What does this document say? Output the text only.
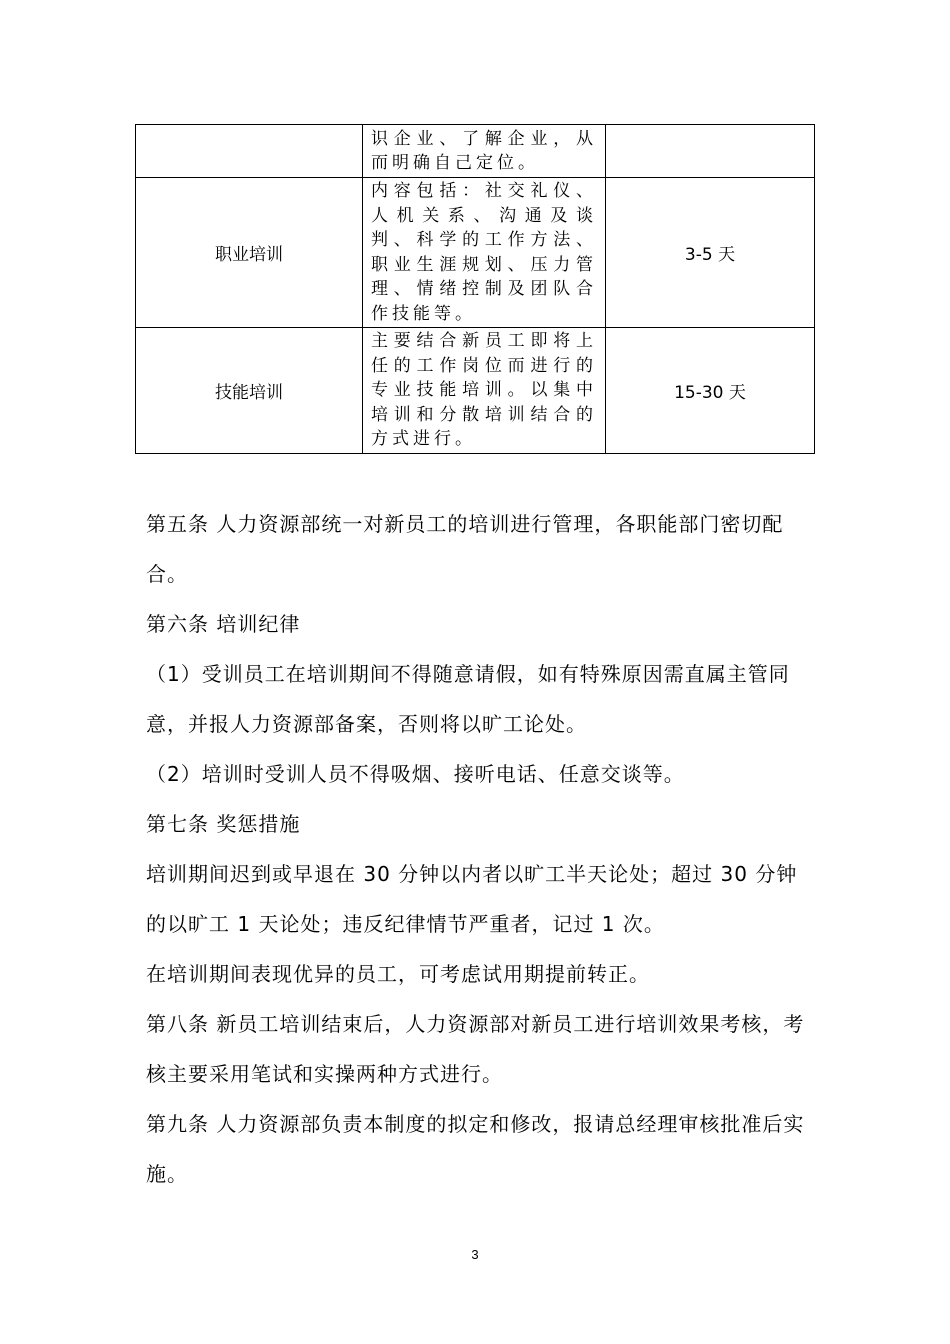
	识企业、了解企业，从而明确自己定位。	

职业培训	内容包括：社交礼仪、人机关系、沟通及谈判、科学的工作方法、职业生涯规划、压力管理、情绪控制及团队合作技能等。	3-5 天
技能培训	主要结合新员工即将上任的工作岗位而进行的专业技能培训。以集中培训和分散培训结合的方式进行。	15-30 天

第五条 人力资源部统一对新员工的培训进行管理，各职能部门密切配合。

第六条 培训纪律

（1）受训员工在培训期间不得随意请假，如有特殊原因需直属主管同意，并报人力资源部备案，否则将以旷工论处。

（2）培训时受训人员不得吸烟、接听电话、任意交谈等。

第七条 奖惩措施

培训期间迟到或早退在 30 分钟以内者以旷工半天论处；超过 30 分钟的以旷工 1 天论处；违反纪律情节严重者，记过 1 次。

在培训期间表现优异的员工，可考虑试用期提前转正。

第八条 新员工培训结束后，人力资源部对新员工进行培训效果考核，考核主要采用笔试和实操两种方式进行。

第九条 人力资源部负责本制度的拟定和修改，报请总经理审核批准后实施。

3
